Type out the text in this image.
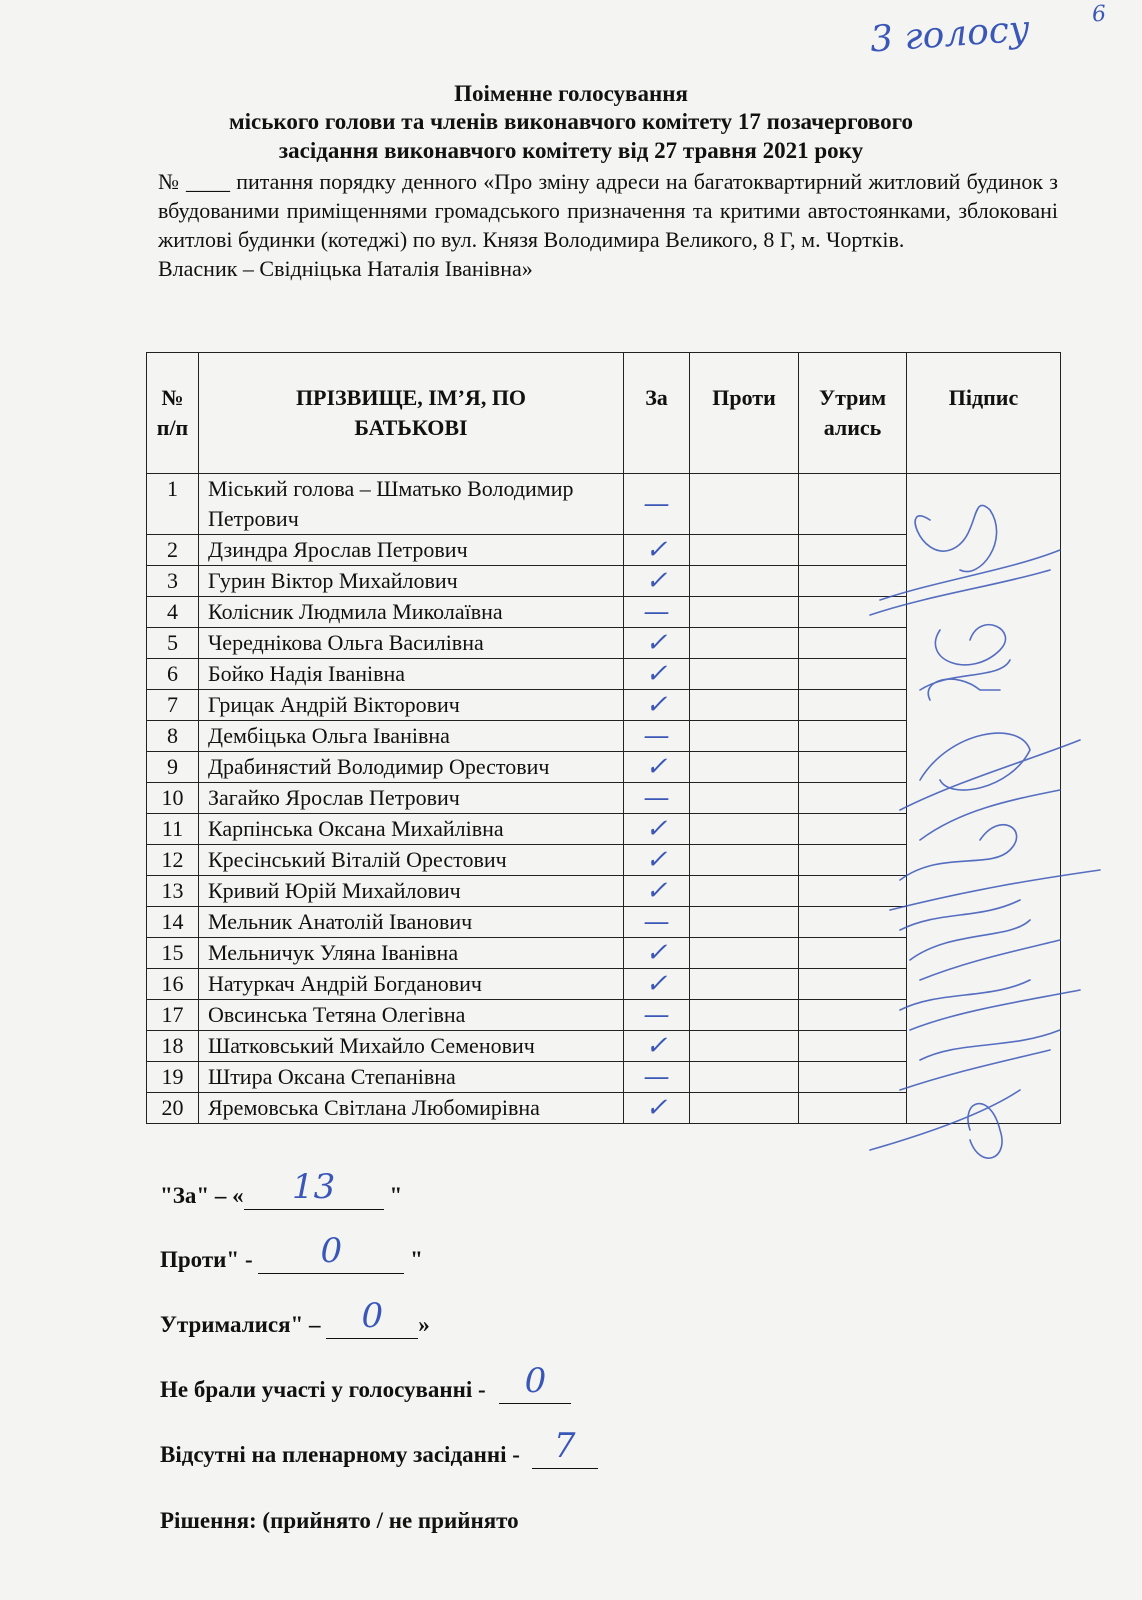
3 голосу	6
Поіменне голосування
міського голови та членів виконавчого комітету 17 позачергового
засідання виконавчого комітету від 27 травня 2021 року

№ ____ питання порядку денного «Про зміну адреси на багатоквартирний житловий будинок з вбудованими приміщеннями громадського призначення та критими автостоянками, зблоковані житлові будинки (котеджі) по вул. Князя Володимира Великого, 8 Г, м. Чортків.

Власник – Свідніцька Наталія Іванівна»

№ п/п	ПРІЗВИЩЕ, ІМ’Я, ПО БАТЬКОВІ	За	Проти	Утрим ались	Підпис
1	Міський голова – Шматько Володимир Петрович	—			
2	Дзиндра Ярослав Петрович	✓			
3	Гурин Віктор Михайлович	✓			
4	Колісник Людмила Миколаївна	—			
5	Череднікова Ольга Василівна	✓			
6	Бойко Надія Іванівна	✓			
7	Грицак Андрій Вікторович	✓			
8	Дембіцька Ольга Іванівна	—			
9	Драбинястий Володимир Орестович	✓			
10	Загайко Ярослав Петрович	—			
11	Карпінська Оксана Михайлівна	✓			
12	Кресінський Віталій Орестович	✓			
13	Кривий Юрій Михайлович	✓			
14	Мельник Анатолій Іванович	—			
15	Мельничук Уляна Іванівна	✓			
16	Натуркач Андрій Богданович	✓			
17	Овсинська Тетяна Олегівна	—			
18	Шатковський Михайло Семенович	✓			
19	Штира Оксана Степанівна	—			
20	Яремовська Світлана Любомирівна	✓			
"За" – «	13	"
Проти" -	0	"
Утрималися" –	0	»
Не брали участі у голосуванні - 0

Відсутні на пленарному засіданні - 7

Рішення: (прийнято / не прийнято
